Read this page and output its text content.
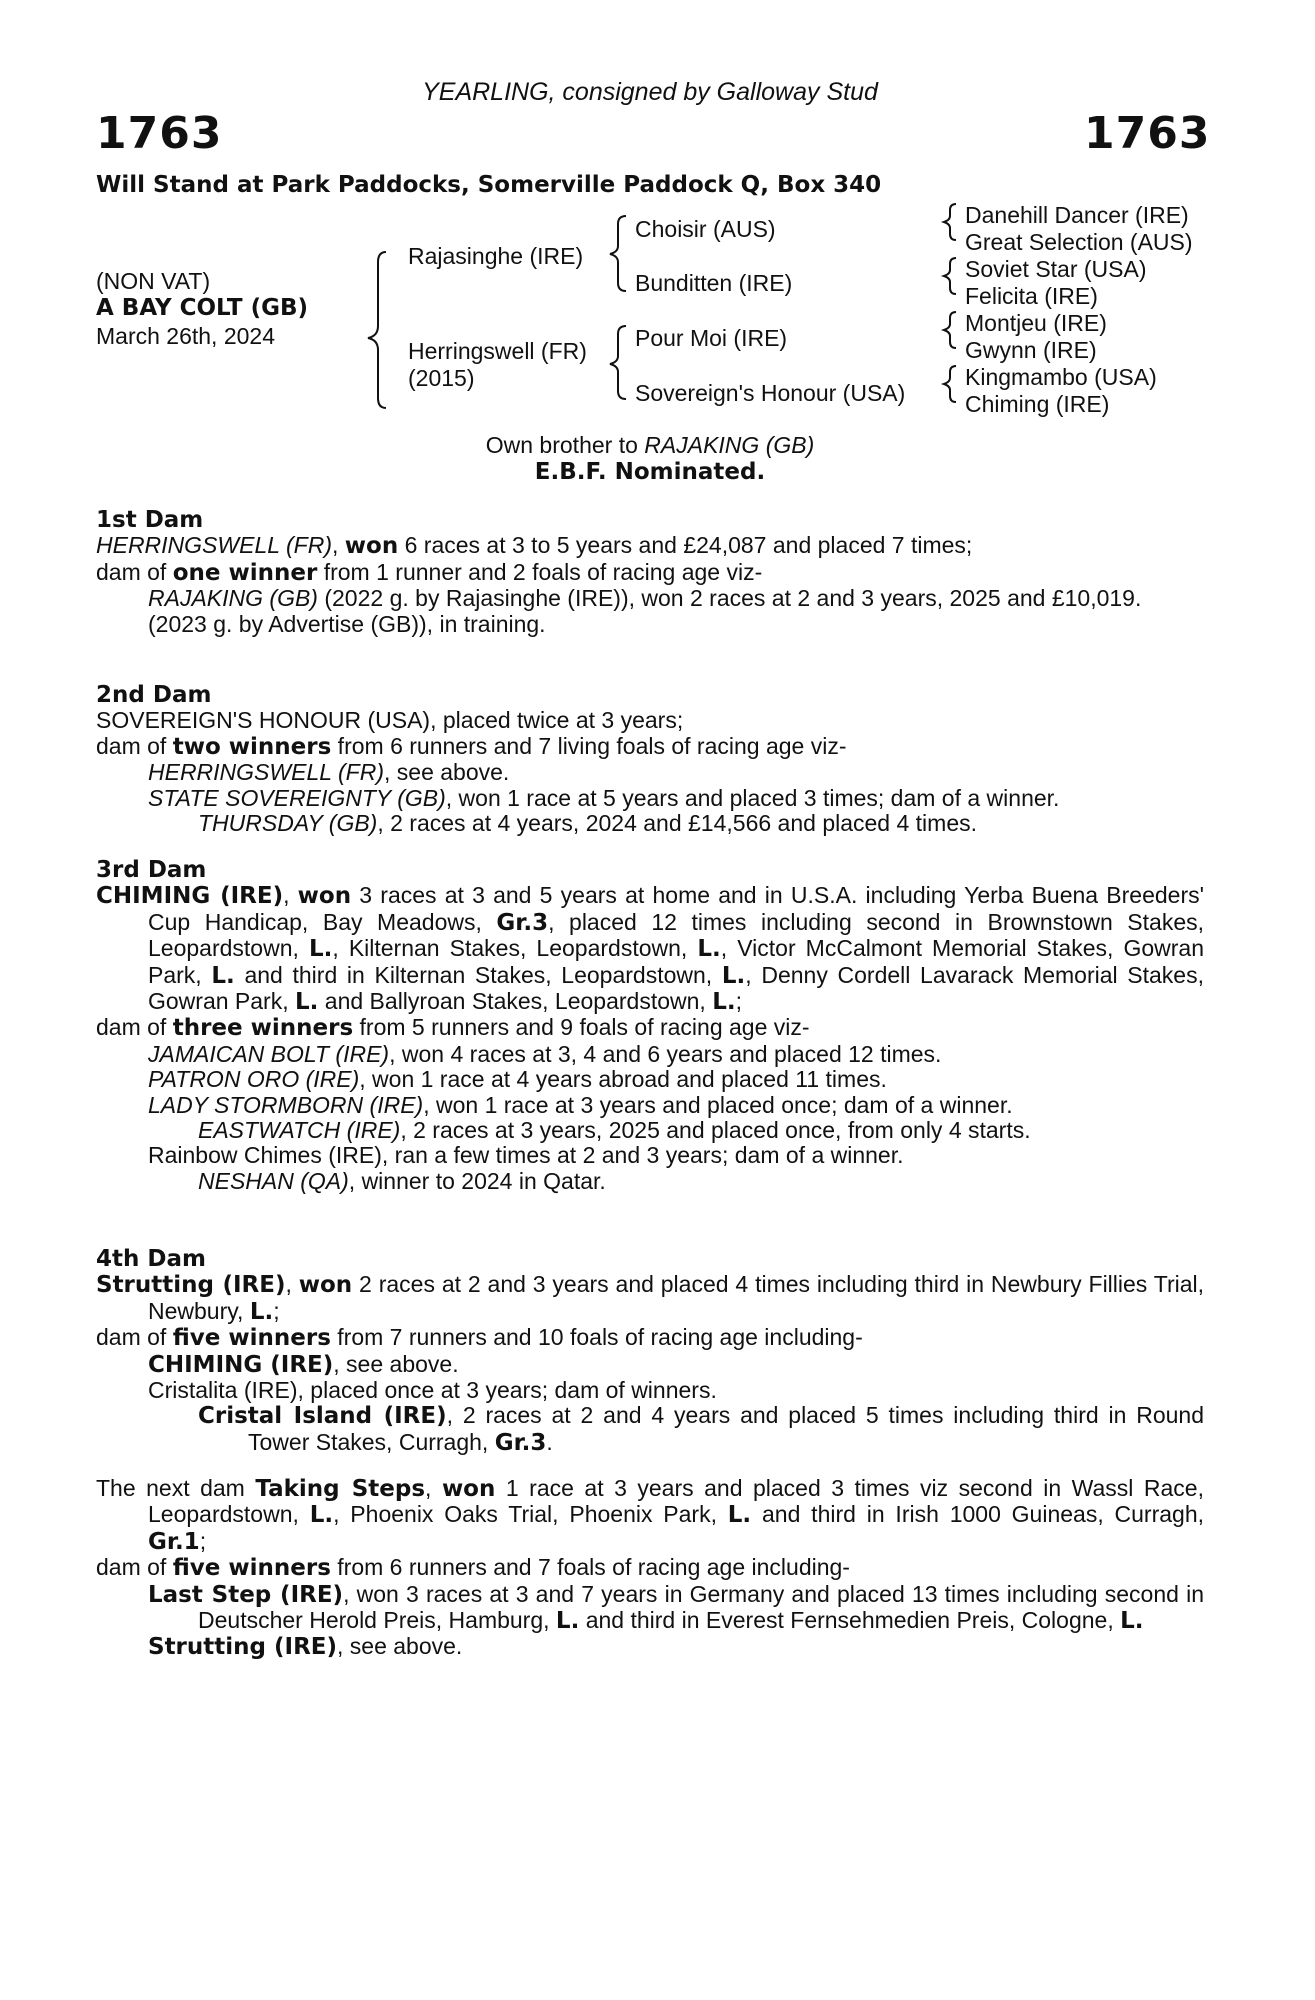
YEARLING, consigned by Galloway Stud
1763	1763
Will Stand at Park Paddocks, Somerville Paddock Q, Box 340
(NON VAT)
A BAY COLT (GB)
March 26th, 2024
Rajasinghe (IRE)
Herringswell (FR)
(2015)
Choisir (AUS)
Bunditten (IRE)
Pour Moi (IRE)
Sovereign's Honour (USA)
Danehill Dancer (IRE)
Great Selection (AUS)
Soviet Star (USA)
Felicita (IRE)
Montjeu (IRE)
Gwynn (IRE)
Kingmambo (USA)
Chiming (IRE)
Own brother to RAJAKING (GB)
E.B.F. Nominated.

1st Dam

HERRINGSWELL (FR), won 6 races at 3 to 5 years and £24,087 and placed 7 times;

dam of one winner from 1 runner and 2 foals of racing age viz-

RAJAKING (GB) (2022 g. by Rajasinghe (IRE)), won 2 races at 2 and 3 years, 2025 and £10,019.

(2023 g. by Advertise (GB)), in training.

2nd Dam

SOVEREIGN'S HONOUR (USA), placed twice at 3 years;

dam of two winners from 6 runners and 7 living foals of racing age viz-

HERRINGSWELL (FR), see above.

STATE SOVEREIGNTY (GB), won 1 race at 5 years and placed 3 times; dam of a winner.

THURSDAY (GB), 2 races at 4 years, 2024 and £14,566 and placed 4 times.

3rd Dam

CHIMING (IRE), won 3 races at 3 and 5 years at home and in U.S.A. including Yerba Buena Breeders' Cup Handicap, Bay Meadows, Gr.3, placed 12 times including second in Brownstown Stakes, Leopardstown, L., Kilternan Stakes, Leopardstown, L., Victor McCalmont Memorial Stakes, Gowran Park, L. and third in Kilternan Stakes, Leopardstown, L., Denny Cordell Lavarack Memorial Stakes, Gowran Park, L. and Ballyroan Stakes, Leopardstown, L.;

dam of three winners from 5 runners and 9 foals of racing age viz-

JAMAICAN BOLT (IRE), won 4 races at 3, 4 and 6 years and placed 12 times.

PATRON ORO (IRE), won 1 race at 4 years abroad and placed 11 times.

LADY STORMBORN (IRE), won 1 race at 3 years and placed once; dam of a winner.

EASTWATCH (IRE), 2 races at 3 years, 2025 and placed once, from only 4 starts.

Rainbow Chimes (IRE), ran a few times at 2 and 3 years; dam of a winner.

NESHAN (QA), winner to 2024 in Qatar.

4th Dam

Strutting (IRE), won 2 races at 2 and 3 years and placed 4 times including third in Newbury Fillies Trial, Newbury, L.;

dam of five winners from 7 runners and 10 foals of racing age including-

CHIMING (IRE), see above.

Cristalita (IRE), placed once at 3 years; dam of winners.

Cristal Island (IRE), 2 races at 2 and 4 years and placed 5 times including third in Round Tower Stakes, Curragh, Gr.3.

The next dam Taking Steps, won 1 race at 3 years and placed 3 times viz second in Wassl Race, Leopardstown, L., Phoenix Oaks Trial, Phoenix Park, L. and third in Irish 1000 Guineas, Curragh, Gr.1;

dam of five winners from 6 runners and 7 foals of racing age including-

Last Step (IRE), won 3 races at 3 and 7 years in Germany and placed 13 times including second in Deutscher Herold Preis, Hamburg, L. and third in Everest Fernsehmedien Preis, Cologne, L.

Strutting (IRE), see above.
